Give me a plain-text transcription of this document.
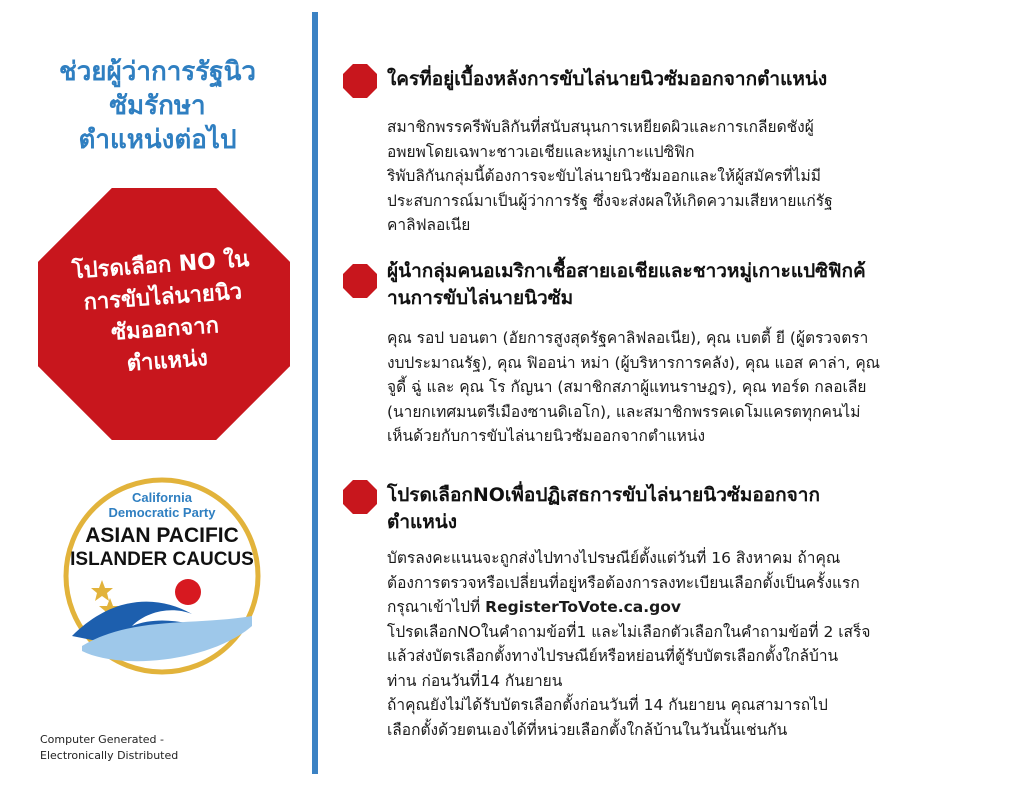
ช่วยผู้ว่าการรัฐนิว
ซัมรักษา
ตำแหน่งต่อไป
โปรดเลือก NO ใน
การขับไล่นายนิว
ซัมออกจาก
ตำแหน่ง
California
Democratic Party
ASIAN PACIFIC
ISLANDER CAUCUS
Computer Generated -
Electronically Distributed
ใครที่อยู่เบื้องหลังการขับไล่นายนิวซัมออกจากตำแหน่ง
สมาชิกพรรครีพับลิกันที่สนับสนุนการเหยียดผิวและการเกลียดชังผู้
อพยพโดยเฉพาะชาวเอเชียและหมู่เกาะแปซิฟิก
ริพับลิกันกลุ่มนี้ต้องการจะขับไล่นายนิวซัมออกและให้ผู้สมัครที่ไม่มี
ประสบการณ์มาเป็นผู้ว่าการรัฐ ซึ่งจะส่งผลให้เกิดความเสียหายแก่รัฐ
คาลิฟลอเนีย
ผู้นำกลุ่มคนอเมริกาเชื้อสายเอเชียและชาวหมู่เกาะแปซิฟิกค้
านการขับไล่นายนิวซัม
คุณ รอป บอนตา (อัยการสูงสุดรัฐคาลิฟลอเนีย), คุณ เบตตี้ ยี (ผู้ตรวจตรา
งบประมาณรัฐ), คุณ ฟิออน่า หม่า (ผู้บริหารการคลัง), คุณ แอส คาล่า, คุณ
จูดี้ ฉู่ และ คุณ โร กัญนา (สมาชิกสภาผู้แทนราษฎร), คุณ ทอร์ด กลอเลีย
(นายกเทศมนตรีเมืองซานดิเอโก), และสมาชิกพรรคเดโมแครตทุกคนไม่
เห็นด้วยกับการขับไล่นายนิวซัมออกจากตำแหน่ง
โปรดเลือกNOเพื่อปฏิเสธการขับไล่นายนิวซัมออกจาก
ตำแหน่ง
บัตรลงคะแนนจะถูกส่งไปทางไปรษณีย์ตั้งแต่วันที่ 16 สิงหาคม ถ้าคุณ
ต้องการตรวจหรือเปลี่ยนที่อยู่หรือต้องการลงทะเบียนเลือกตั้งเป็นครั้งแรก
กรุณาเข้าไปที่ RegisterToVote.ca.gov
โปรดเลือกNOในคำถามข้อที่1 และไม่เลือกตัวเลือกในคำถามข้อที่ 2 เสร็จ
แล้วส่งบัตรเลือกตั้งทางไปรษณีย์หรือหย่อนที่ตู้รับบัตรเลือกตั้งใกล้บ้าน
ท่าน ก่อนวันที่14 กันยายน
ถ้าคุณยังไม่ได้รับบัตรเลือกตั้งก่อนวันที่ 14 กันยายน คุณสามารถไป
เลือกตั้งด้วยตนเองได้ที่หน่วยเลือกตั้งใกล้บ้านในวันนั้นเช่นกัน
